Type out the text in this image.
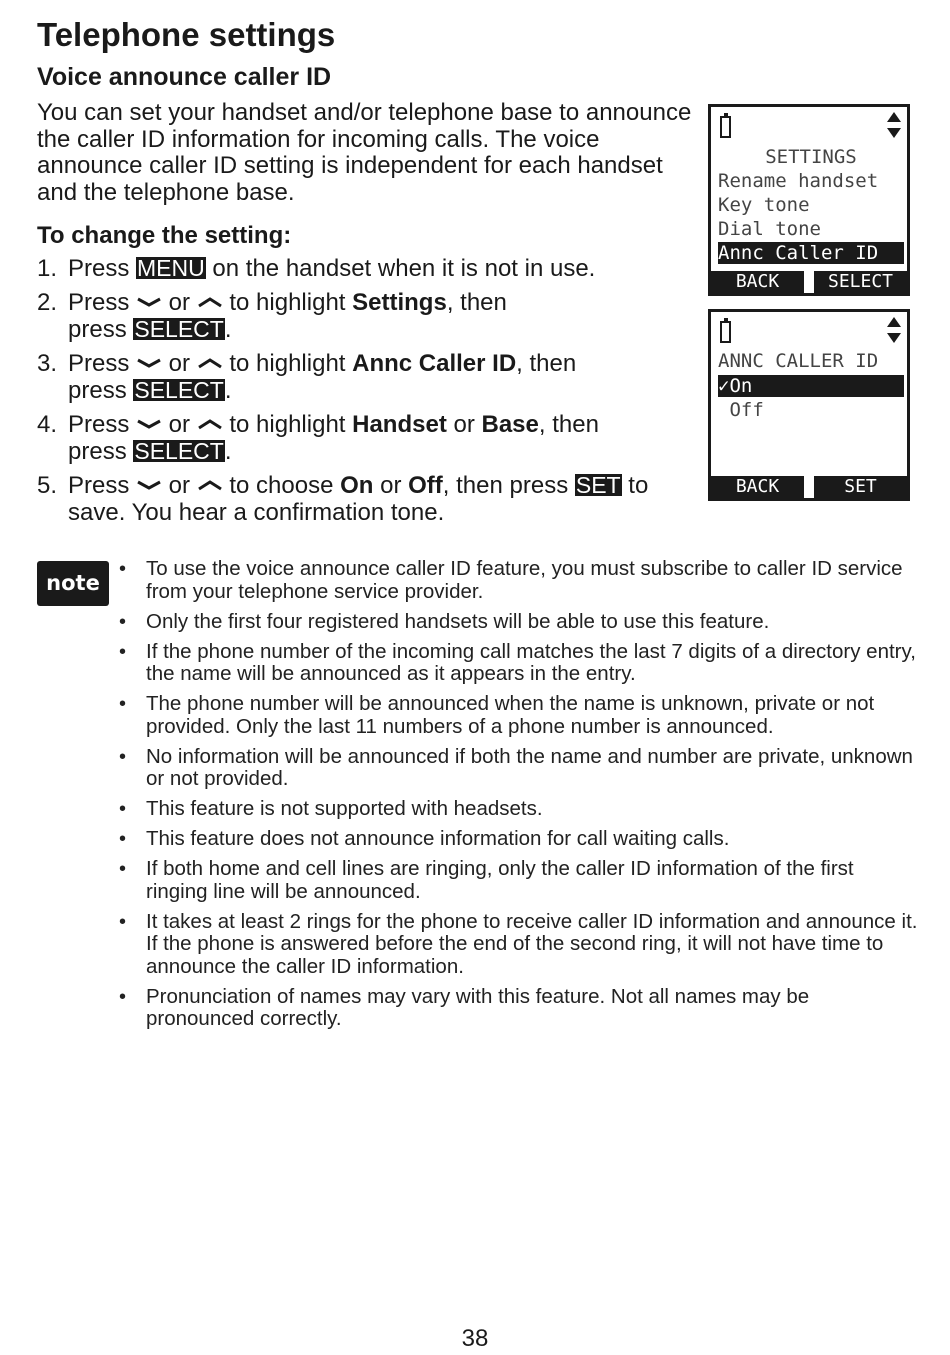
Telephone settings
Voice announce caller ID

You can set your handset and/or telephone base to announce the caller ID information for incoming calls. The voice announce caller ID setting is independent for each handset and the telephone base.

To change the setting:
1. Press MENU on the handset when it is not in use.
2. Press
or
to highlight Settings, then
press SELECT.
3. Press
or
to highlight Annc Caller ID, then
press SELECT.
4. Press
or
to highlight Handset or Base, then
press SELECT.
5. Press
or
to choose On or Off, then press SET to
save. You hear a confirmation tone.
SETTINGS
Rename handset
Key tone
Dial tone
Annc Caller ID
BACK	SELECT
ANNC CALLER ID
✓On
Off
BACK	SET
note
• To use the voice announce caller ID feature, you must subscribe to caller ID service from your telephone service provider.
• Only the first four registered handsets will be able to use this feature.
• If the phone number of the incoming call matches the last 7 digits of a directory entry, the name will be announced as it appears in the entry.
• The phone number will be announced when the name is unknown, private or not provided. Only the last 11 numbers of a phone number is announced.
• No information will be announced if both the name and number are private, unknown or not provided.
• This feature is not supported with headsets.
• This feature does not announce information for call waiting calls.
• If both home and cell lines are ringing, only the caller ID information of the first ringing line will be announced.
• It takes at least 2 rings for the phone to receive caller ID information and announce it. If the phone is answered before the end of the second ring, it will not have time to announce the caller ID information.
• Pronunciation of names may vary with this feature. Not all names may be pronounced correctly.
38
